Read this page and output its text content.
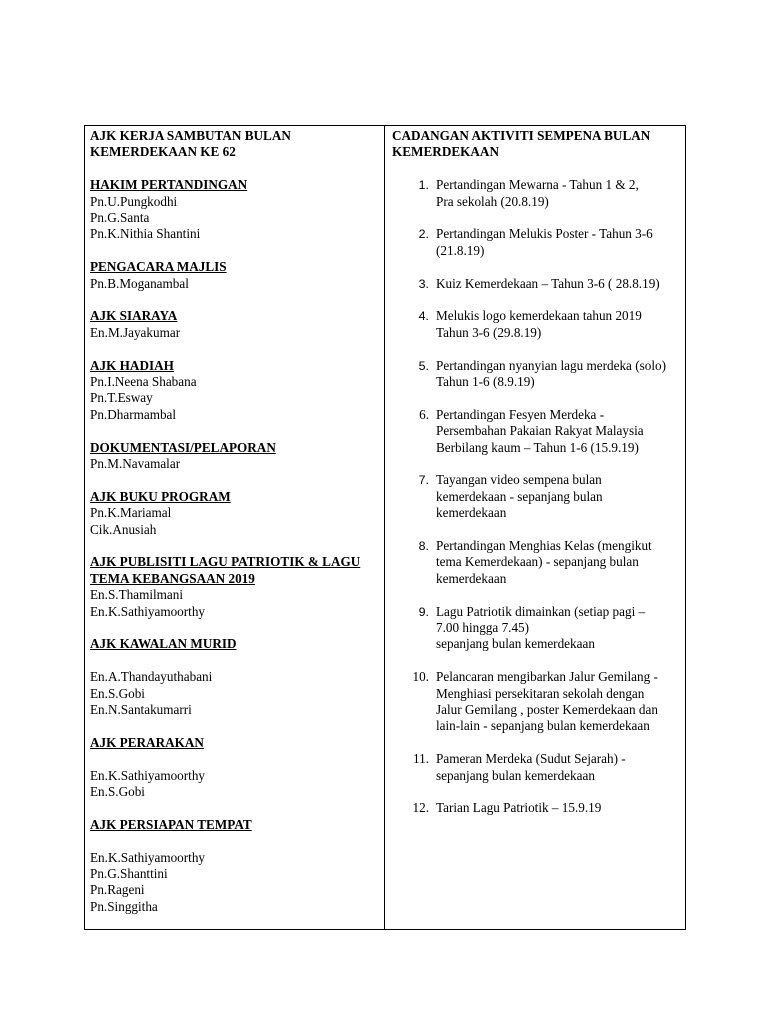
AJK KERJA SAMBUTAN BULAN KEMERDEKAAN KE 62
HAKIM PERTANDINGAN
Pn.U.Pungkodhi
Pn.G.Santa
Pn.K.Nithia Shantini
PENGACARA MAJLIS
Pn.B.Moganambal
AJK SIARAYA
En.M.Jayakumar
AJK HADIAH
Pn.I.Neena Shabana
Pn.T.Esway
Pn.Dharmambal
DOKUMENTASI/PELAPORAN
Pn.M.Navamalar
AJK BUKU PROGRAM
Pn.K.Mariamal
Cik.Anusiah
AJK PUBLISITI LAGU PATRIOTIK & LAGU TEMA KEBANGSAAN 2019
En.S.Thamilmani
En.K.Sathiyamoorthy
AJK KAWALAN MURID
En.A.Thandayuthabani
En.S.Gobi
En.N.Santakumarri
AJK PERARAKAN
En.K.Sathiyamoorthy
En.S.Gobi
AJK PERSIAPAN TEMPAT
En.K.Sathiyamoorthy
Pn.G.Shanttini
Pn.Rageni
Pn.Singgitha
CADANGAN AKTIVITI SEMPENA BULAN KEMERDEKAAN
1. Pertandingan Mewarna - Tahun 1 & 2,
Pra sekolah (20.8.19)
2. Pertandingan Melukis Poster - Tahun 3-6
(21.8.19)
3. Kuiz Kemerdekaan – Tahun 3-6 ( 28.8.19)
4. Melukis logo kemerdekaan tahun 2019
Tahun 3-6 (29.8.19)
5. Pertandingan nyanyian lagu merdeka (solo)
Tahun 1-6 (8.9.19)
6. Pertandingan Fesyen Merdeka -
Persembahan Pakaian Rakyat Malaysia
Berbilang kaum – Tahun 1-6 (15.9.19)
7. Tayangan video sempena bulan
kemerdekaan - sepanjang bulan
kemerdekaan
8. Pertandingan Menghias Kelas (mengikut
tema Kemerdekaan) - sepanjang bulan
kemerdekaan
9. Lagu Patriotik dimainkan (setiap pagi –
7.00 hingga 7.45)
sepanjang bulan kemerdekaan
10. Pelancaran mengibarkan Jalur Gemilang -
Menghiasi persekitaran sekolah dengan
Jalur Gemilang , poster Kemerdekaan dan
lain-lain - sepanjang bulan kemerdekaan
11. Pameran Merdeka (Sudut Sejarah) -
sepanjang bulan kemerdekaan
12. Tarian Lagu Patriotik – 15.9.19
